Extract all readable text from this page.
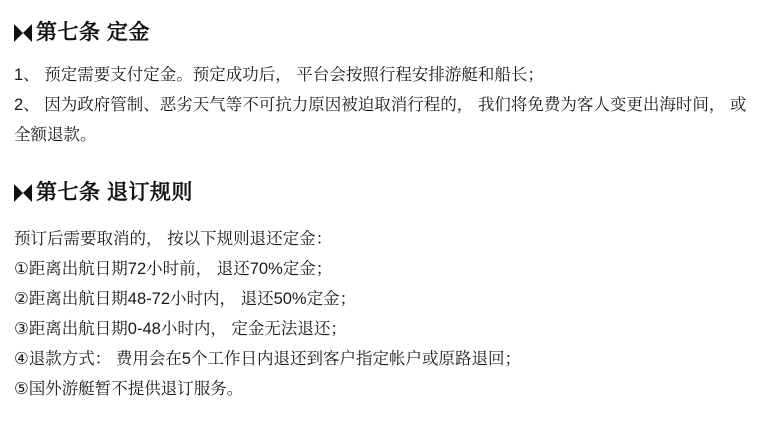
第七条 定金

1、 预定需要支付定金。预定成功后， 平台会按照行程安排游艇和船长；

2、 因为政府管制、恶劣天气等不可抗力原因被迫取消行程的， 我们将免费为客人变更出海时间， 或全额退款。

第七条 退订规则

预订后需要取消的， 按以下规则退还定金：

①距离出航日期72小时前， 退还70%定金；
②距离出航日期48-72小时内， 退还50%定金；
③距离出航日期0-48小时内， 定金无法退还；
④退款方式： 费用会在5个工作日内退还到客户指定帐户或原路退回；
⑤国外游艇暂不提供退订服务。
